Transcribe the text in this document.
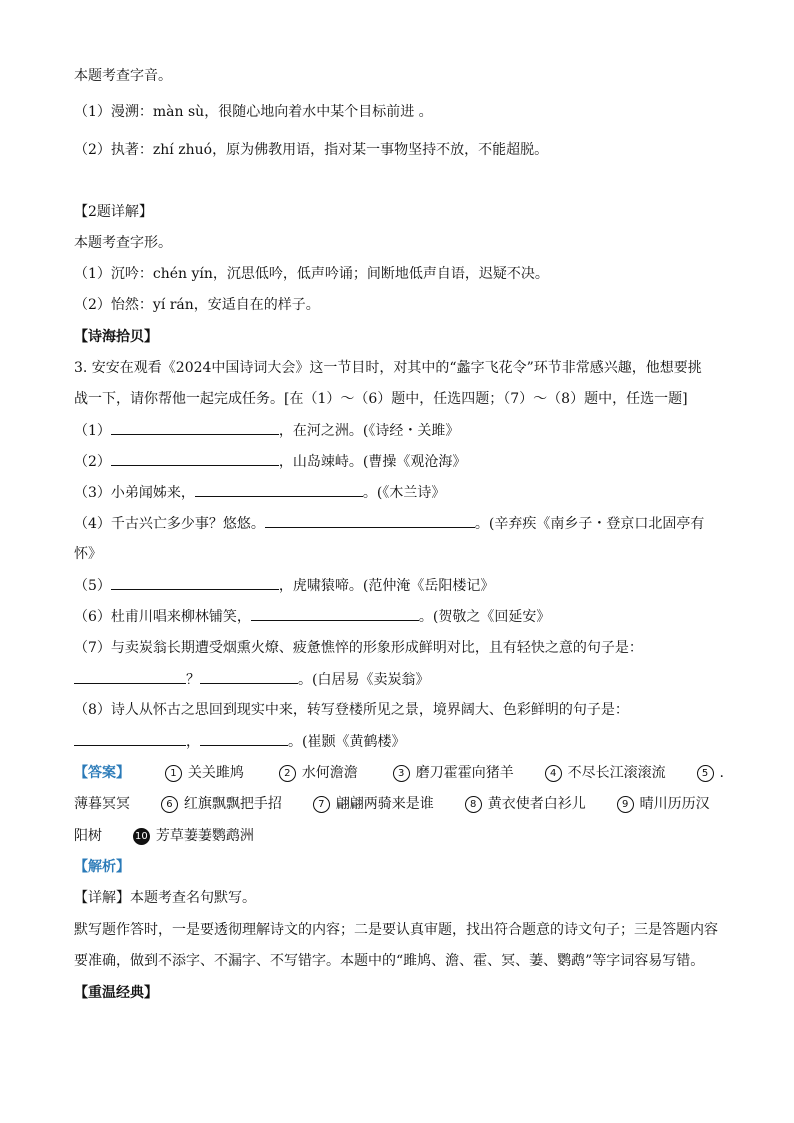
本题考查字音。
（1）漫溯：màn sù，很随心地向着水中某个目标前进 。
（2）执著：zhí zhuó，原为佛教用语，指对某一事物坚持不放，不能超脱。
【2题详解】
本题考查字形。
（1）沉吟：chén yín，沉思低吟，低声吟诵；间断地低声自语，迟疑不决。
（2）怡然：yí rán，安适自在的样子。
【诗海拾贝】
3. 安安在观看《2024中国诗词大会》这一节目时，对其中的“蠡字飞花令”环节非常感兴趣，他想要挑
战一下，请你帮他一起完成任务。[在（1）～（6）题中，任选四题；（7）～（8）题中，任选一题]
（1）	，在河之洲。(《诗经・关雎》
（2）	，山岛竦峙。(曹操《观沧海》
（3）小弟闻姊来，	。(《木兰诗》
（4）千古兴亡多少事？悠悠。	。(辛弃疾《南乡子・登京口北固亭有
怀》
（5）	，虎啸猿啼。(范仲淹《岳阳楼记》
（6）杜甫川唱来柳林铺笑，	。(贺敬之《回延安》
（7）与卖炭翁长期遭受烟熏火燎、疲惫憔悴的形象形成鲜明对比，且有轻快之意的句子是：
？	。(白居易《卖炭翁》
（8）诗人从怀古之思回到现实中来，转写登楼所见之景，境界阔大、色彩鲜明的句子是：
，	。(崔颢《黄鹤楼》
【答案】	1 关关雎鸠	2 水何澹澹	3 磨刀霍霍向猪羊	4 不尽长江滚滚流	5 .
薄暮冥冥	6 红旗飘飘把手招	7 翩翩两骑来是谁	8 黄衣使者白衫儿	9 晴川历历汉
阳树	10 芳草萋萋鹦鹉洲
【解析】
【详解】本题考查名句默写。
默写题作答时，一是要透彻理解诗文的内容；二是要认真审题，找出符合题意的诗文句子；三是答题内容
要准确，做到不添字、不漏字、不写错字。本题中的“雎鸠、澹、霍、冥、萋、鹦鹉”等字词容易写错。
【重温经典】
